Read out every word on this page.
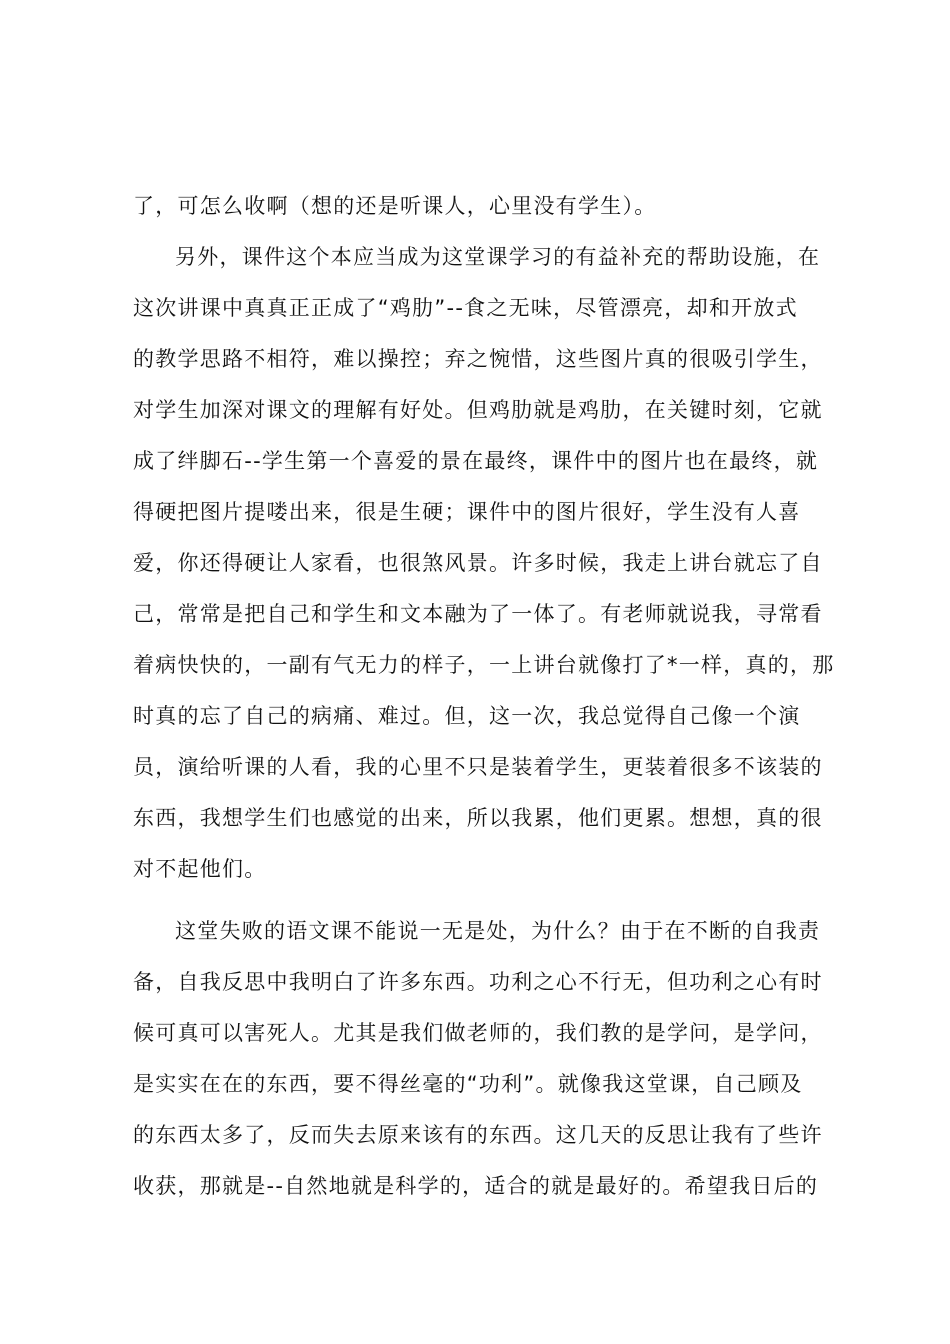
了，可怎么收啊（想的还是听课人，心里没有学生）。
另外，课件这个本应当成为这堂课学习的有益补充的帮助设施，在
这次讲课中真真正正成了“鸡肋”--食之无味，尽管漂亮，却和开放式
的教学思路不相符，难以操控；弃之惋惜，这些图片真的很吸引学生，
对学生加深对课文的理解有好处。但鸡肋就是鸡肋，在关键时刻，它就
成了绊脚石--学生第一个喜爱的景在最终，课件中的图片也在最终，就
得硬把图片提喽出来，很是生硬；课件中的图片很好，学生没有人喜
爱，你还得硬让人家看，也很煞风景。许多时候，我走上讲台就忘了自
己，常常是把自己和学生和文本融为了一体了。有老师就说我，寻常看
着病快快的，一副有气无力的样子，一上讲台就像打了*一样，真的，那
时真的忘了自己的病痛、难过。但，这一次，我总觉得自己像一个演
员，演给听课的人看，我的心里不只是装着学生，更装着很多不该装的
东西，我想学生们也感觉的出来，所以我累，他们更累。想想，真的很
对不起他们。
这堂失败的语文课不能说一无是处，为什么？由于在不断的自我责
备，自我反思中我明白了许多东西。功利之心不行无，但功利之心有时
候可真可以害死人。尤其是我们做老师的，我们教的是学问，是学问，
是实实在在的东西，要不得丝毫的“功利”。就像我这堂课，自己顾及
的东西太多了，反而失去原来该有的东西。这几天的反思让我有了些许
收获，那就是--自然地就是科学的，适合的就是最好的。希望我日后的
